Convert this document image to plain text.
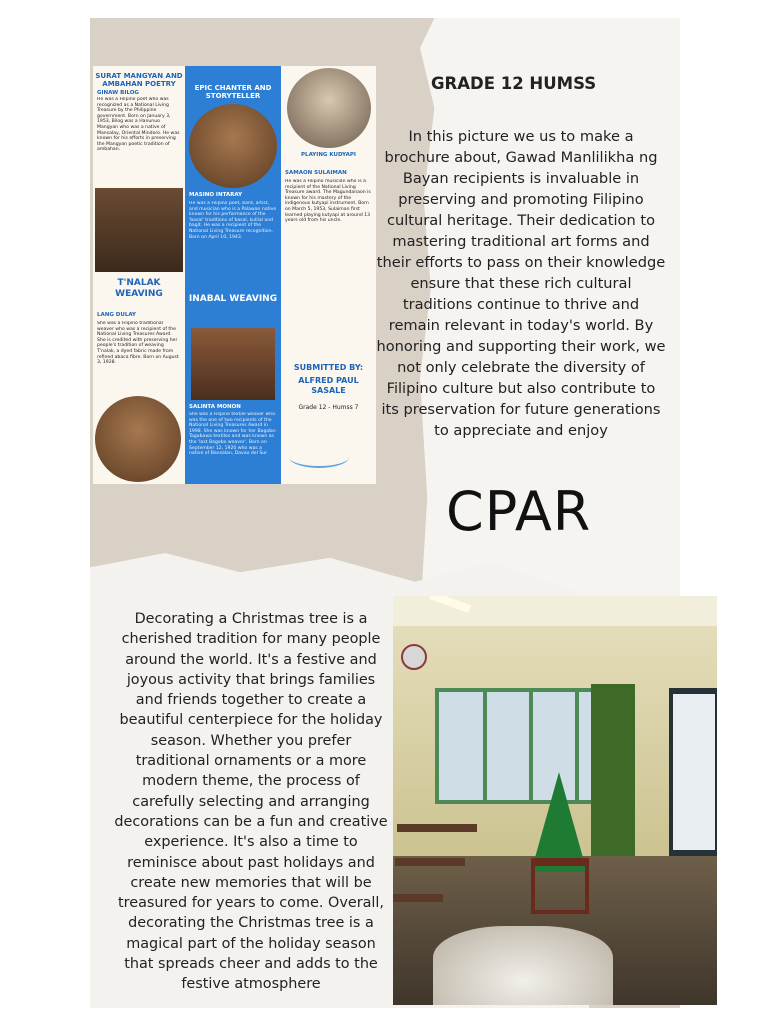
SURAT MANGYAN AND AMBAHAN POETRY
GINAW BILOG
He was a Filipino poet who was recognized as a National Living Treasure by the Philippine government. Born on January 3, 1953, Bilog was a Hanunuo Mangyan who was a native of Mansalay, Oriental Mindoro. He was known for his efforts in preserving the Mangyan poetic tradition of ambahan.
T'NALAK WEAVING
LANG DULAY
She was a Filipino traditional weaver who was a recipient of the National Living Treasures Award. She is credited with preserving her people's tradition of weaving T'nalak, a dyed fabric made from refined abaca fibre. Born on August 3, 1928.
EPIC CHANTER AND STORYTELLER
MASINO INTARAY
He was a Filipino poet, bard, artist, and musician who is a Palawan native known for his performance of the 'basal' traditions of basal, kulilal and bagit. He was a recipient of the National Living Treasure recognition. Born on April 10, 1943.
INABAL WEAVING
SALINTA MONON
She was a Filipino textile weaver who was the one of two recipients of the National Living Treasures Award in 1998. She was known for her Bagobo-Tagabawa textiles and was known as the 'last Bagobo weaver'. Born on September 12, 1920 who was a native of Bansalan, Davao del Sur.
PLAYING KUDYAPI
SAMAON SULAIMAN
He was a Filipino musician who is a recipient of the National Living Treasure award. The Magundanaon is known for his mastery of the indigenous kutyapi instrument. Born on March 5, 1953, Sulaiman first learned playing kutyapi at around 13 years old from his uncle.
SUBMITTED BY:
ALFRED PAUL SASALE
Grade 12 - Humss 7
GRADE 12 HUMSS
In this picture we us to make a brochure about, Gawad Manlilikha ng Bayan recipients is invaluable in preserving and promoting Filipino cultural heritage. Their dedication to mastering traditional art forms and their efforts to pass on their knowledge ensure that these rich cultural traditions continue to thrive and remain relevant in today's world. By honoring and supporting their work, we not only celebrate the diversity of Filipino culture but also contribute to its preservation for future generations to appreciate and enjoy
CPAR
Decorating a Christmas tree is a cherished tradition for many people around the world. It's a festive and joyous activity that brings families and friends together to create a beautiful centerpiece for the holiday season. Whether you prefer traditional ornaments or a more modern theme, the process of carefully selecting and arranging decorations can be a fun and creative experience. It's also a time to reminisce about past holidays and create new memories that will be treasured for years to come. Overall, decorating the Christmas tree is a magical part of the holiday season that spreads cheer and adds to the festive atmosphere
